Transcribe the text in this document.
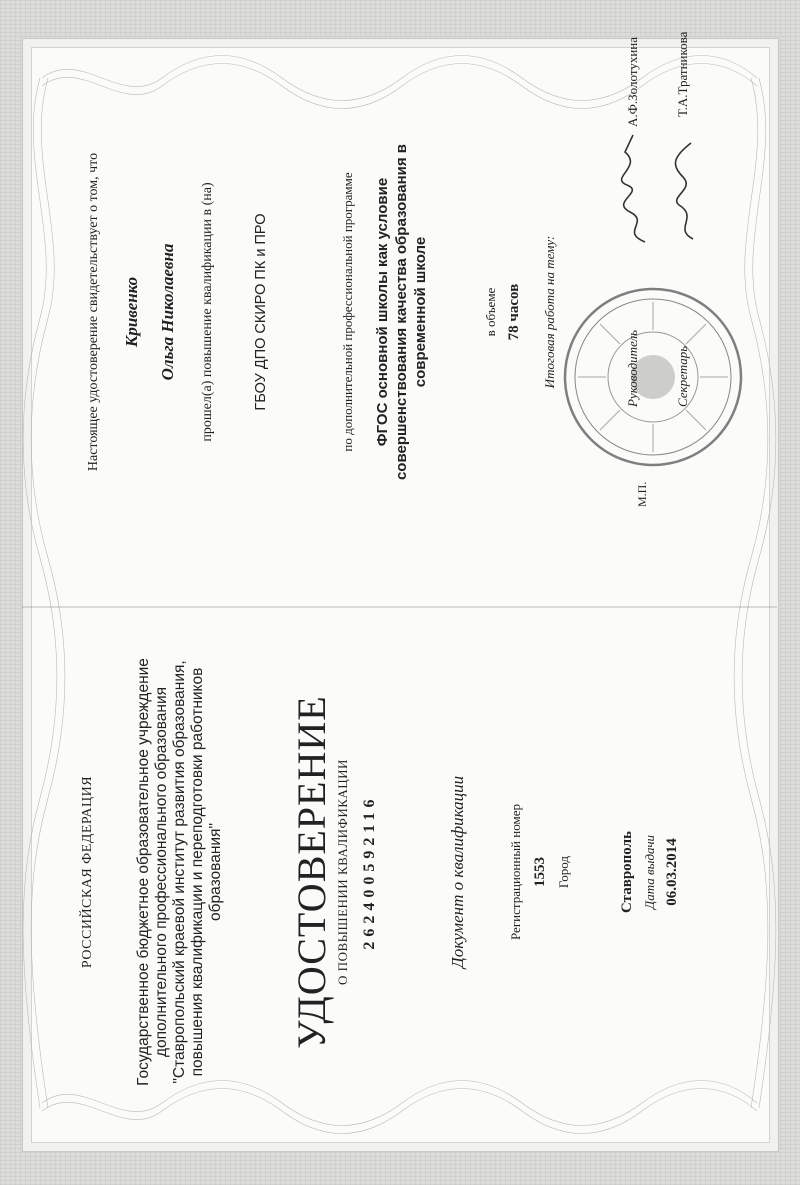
РОССИЙСКАЯ ФЕДЕРАЦИЯ	Государственное бюджетное образовательное учреждение дополнительного профессионального образования "Ставропольский краевой институт развития образования, повышения квалификации и переподготовки работников образования" УДОСТОВЕРЕНИЕ О ПОВЫШЕНИИ КВАЛИФИКАЦИИ 262400592116	Документ о квалификации	Регистрационный номер 1553 Город	Ставрополь Дата выдачи 06.03.2014
Настоящее удостоверение свидетельствует о том, что Кривенко Ольга Николаевна прошел(а) повышение квалификации в (на)	ГБОУ ДПО СКИРО ПК и ПРО	по дополнительной профессиональной программе ФГОС основной школы как условие совершенствования качества образования в современной школе	в объеме 78 часов Итоговая работа на тему:
М.П.
Руководитель
А.Ф.Золотухина
Секретарь
Т.А.Тратникова
